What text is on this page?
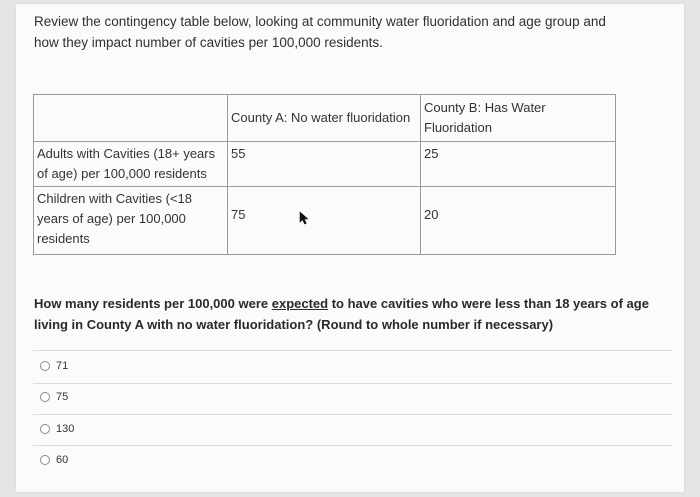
Review the contingency table below, looking at community water fluoridation and age group and
how they impact number of cavities per 100,000 residents.
	County A: No water fluoridation	County B: Has Water Fluoridation
Adults with Cavities (18+ years of age) per 100,000 residents	55	25
Children with Cavities (<18 years of age) per 100,000 residents	75	20
How many residents per 100,000 were expected to have cavities who were less than 18 years of age living in County A with no water fluoridation? (Round to whole number if necessary)
71
75
130
60
